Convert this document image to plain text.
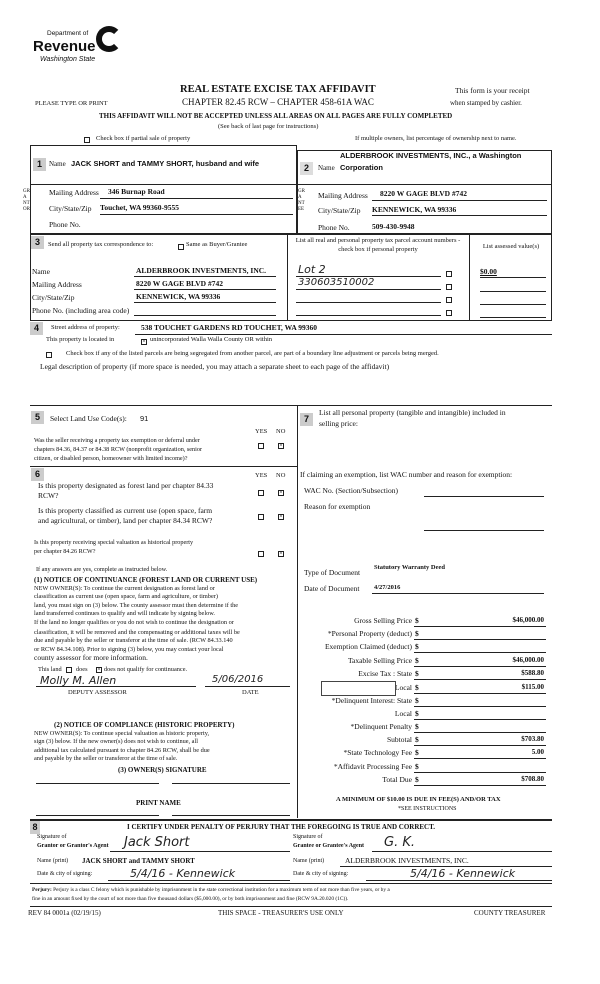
Department of
Revenue
Washington State
REAL ESTATE EXCISE TAX AFFIDAVIT
CHAPTER 82.45 RCW – CHAPTER 458-61A WAC
PLEASE TYPE OR PRINT
This form is your receipt
when stamped by cashier.
THIS AFFIDAVIT WILL NOT BE ACCEPTED UNLESS ALL AREAS ON ALL PAGES ARE FULLY COMPLETED
(See back of last page for instructions)
Check box if partial sale of property	If multiple owners, list percentage of ownership next to name.
1	Name JACK SHORT and TAMMY SHORT, husband and wife
GRANTOR
Mailing Address 346 Burnap Road
City/State/Zip Touchet, WA 99360-9555
Phone No.
2	Name
ALDERBROOK INVESTMENTS, INC., a Washington
Corporation
GRANTEE
Mailing Address 8220 W GAGE BLVD #742
City/State/Zip KENNEWICK, WA 99336
Phone No.	509-430-9948
3	Send all property tax correspondence to:	Same as Buyer/Grantee
List all real and personal property tax parcel account numbers - check box if personal property	List assessed value(s)
Name	ALDERBROOK INVESTMENTS, INC.
Mailing Address	8220 W GAGE BLVD #742
City/State/Zip	KENNEWICK, WA 99336
Phone No. (including area code)
Lot 2
330603510002
$0.00
4	Street address of property:	538 TOUCHET GARDENS RD TOUCHET, WA 99360
This property is located in	× unincorporated Walla Walla County OR within
Check box if any of the listed parcels are being segregated from another parcel, are part of a boundary line adjustment or parcels being merged.
Legal description of property (if more space is needed, you may attach a separate sheet to each page of the affidavit)
5	Select Land Use Code(s): 91
YES NO
Was the seller receiving a property tax exemption or deferral under
chapters 84.36, 84.37 or 84.38 RCW (nonprofit organization, senior
citizen, or disabled person, homeowner with limited income)?
×
6	YES NO
Is this property designated as forest land per chapter 84.33
RCW?	×
Is this property classified as current use (open space, farm
and agricultural, or timber), land per chapter 84.34 RCW?	×
Is this property receiving special valuation as historical property
per chapter 84.26 RCW?	×
If any answers are yes, complete as instructed below.
(1) NOTICE OF CONTINUANCE (FOREST LAND OR CURRENT USE)
NEW OWNER(S): To continue the current designation as forest land or
classification as current use (open space, farm and agriculture, or timber)
land, you must sign on (3) below. The county assessor must then determine if the
land transferred continues to qualify and will indicate by signing below.
If the land no longer qualifies or you do not wish to continue the designation or
classification, it will be removed and the compensating or additional taxes will be
due and payable by the seller or transferor at the time of sale. (RCW 84.33.140
or RCW 84.34.108). Prior to signing (3) below, you may contact your local
county assessor for more information.
This land does × does not qualify for continuance.
Molly M. Allen	5/06/2016
DEPUTY ASSESSOR	DATE
(2) NOTICE OF COMPLIANCE (HISTORIC PROPERTY)
NEW OWNER(S): To continue special valuation as historic property,
sign (3) below. If the new owner(s) does not wish to continue, all
additional tax calculated pursuant to chapter 84.26 RCW, shall be due
and payable by the seller or transferor at the time of sale.
(3) OWNER(S) SIGNATURE
PRINT NAME
7
List all personal property (tangible and intangible) included in
selling price:
If claiming an exemption, list WAC number and reason for exemption:
WAC No. (Section/Subsection)
Reason for exemption
Type of Document
Statutory Warranty Deed
Date of Document 4/27/2016
Gross Selling Price $	$46,000.00
*Personal Property (deduct) $
Exemption Claimed (deduct) $
Taxable Selling Price $	$46,000.00
Excise Tax : State $	$588.80
Local $	$115.00
*Delinquent Interest: State $
Local $
*Delinquent Penalty $
Subtotal $	$703.80
*State Technology Fee $	5.00
*Affidavit Processing Fee $
Total Due $	$708.80
A MINIMUM OF $10.00 IS DUE IN FEE(S) AND/OR TAX
*SEE INSTRUCTIONS
8	I CERTIFY UNDER PENALTY OF PERJURY THAT THE FOREGOING IS TRUE AND CORRECT.
Signature of
Grantor or Grantor's Agent Jack Short	Signature of
Grantee or Grantee's Agent G. K.
Name (print) JACK SHORT and TAMMY SHORT	Name (print)	ALDERBROOK INVESTMENTS, INC.
Date & city of signing:	5/4/16 - Kennewick	Date & city of signing:	5/4/16 - Kennewick
Perjury: Perjury is a class C felony which is punishable by imprisonment in the state correctional institution for a maximum term of not more than five years, or by a
fine in an amount fixed by the court of not more than five thousand dollars ($5,000.00), or by both imprisonment and fine (RCW 9A.20.020 (1C)).
REV 84 0001a (02/19/15)	THIS SPACE - TREASURER'S USE ONLY	COUNTY TREASURER
